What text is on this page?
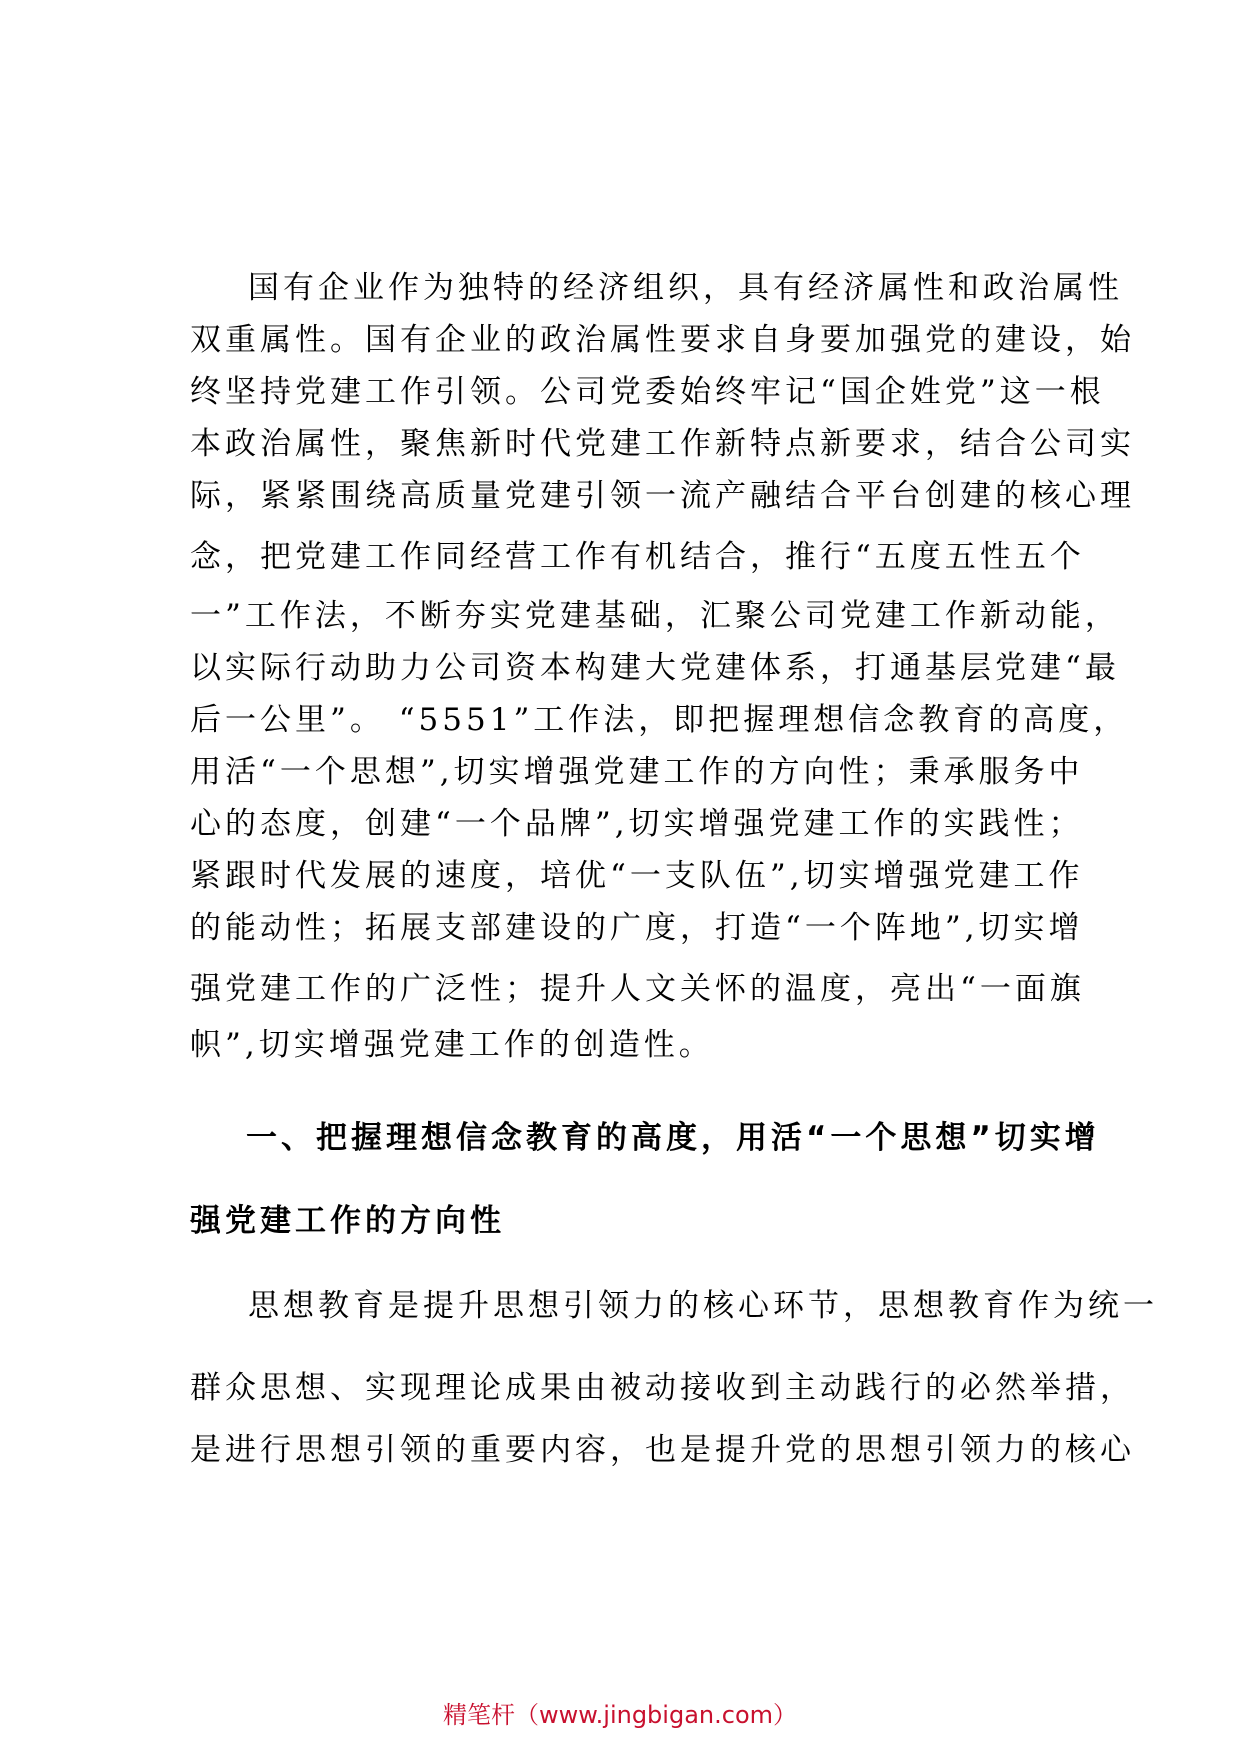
国有企业作为独特的经济组织，具有经济属性和政治属性

双重属性。国有企业的政治属性要求自身要加强党的建设，始

终坚持党建工作引领。公司党委始终牢记“国企姓党”这一根

本政治属性，聚焦新时代党建工作新特点新要求，结合公司实

际，紧紧围绕高质量党建引领一流产融结合平台创建的核心理

念，把党建工作同经营工作有机结合，推行“五度五性五个

一”工作法，不断夯实党建基础，汇聚公司党建工作新动能，

以实际行动助力公司资本构建大党建体系，打通基层党建“最

后一公里”。 “5551”工作法，即把握理想信念教育的高度，

用活“一个思想”,切实增强党建工作的方向性；秉承服务中

心的态度，创建“一个品牌”,切实增强党建工作的实践性；

紧跟时代发展的速度，培优“一支队伍”,切实增强党建工作

的能动性；拓展支部建设的广度，打造“一个阵地”,切实增

强党建工作的广泛性；提升人文关怀的温度，亮出“一面旗

帜”,切实增强党建工作的创造性。

一、把握理想信念教育的高度，用活“一个思想”切实增

强党建工作的方向性

思想教育是提升思想引领力的核心环节，思想教育作为统一

群众思想、实现理论成果由被动接收到主动践行的必然举措，

是进行思想引领的重要内容，也是提升党的思想引领力的核心

精笔杆（www.jingbigan.com）
